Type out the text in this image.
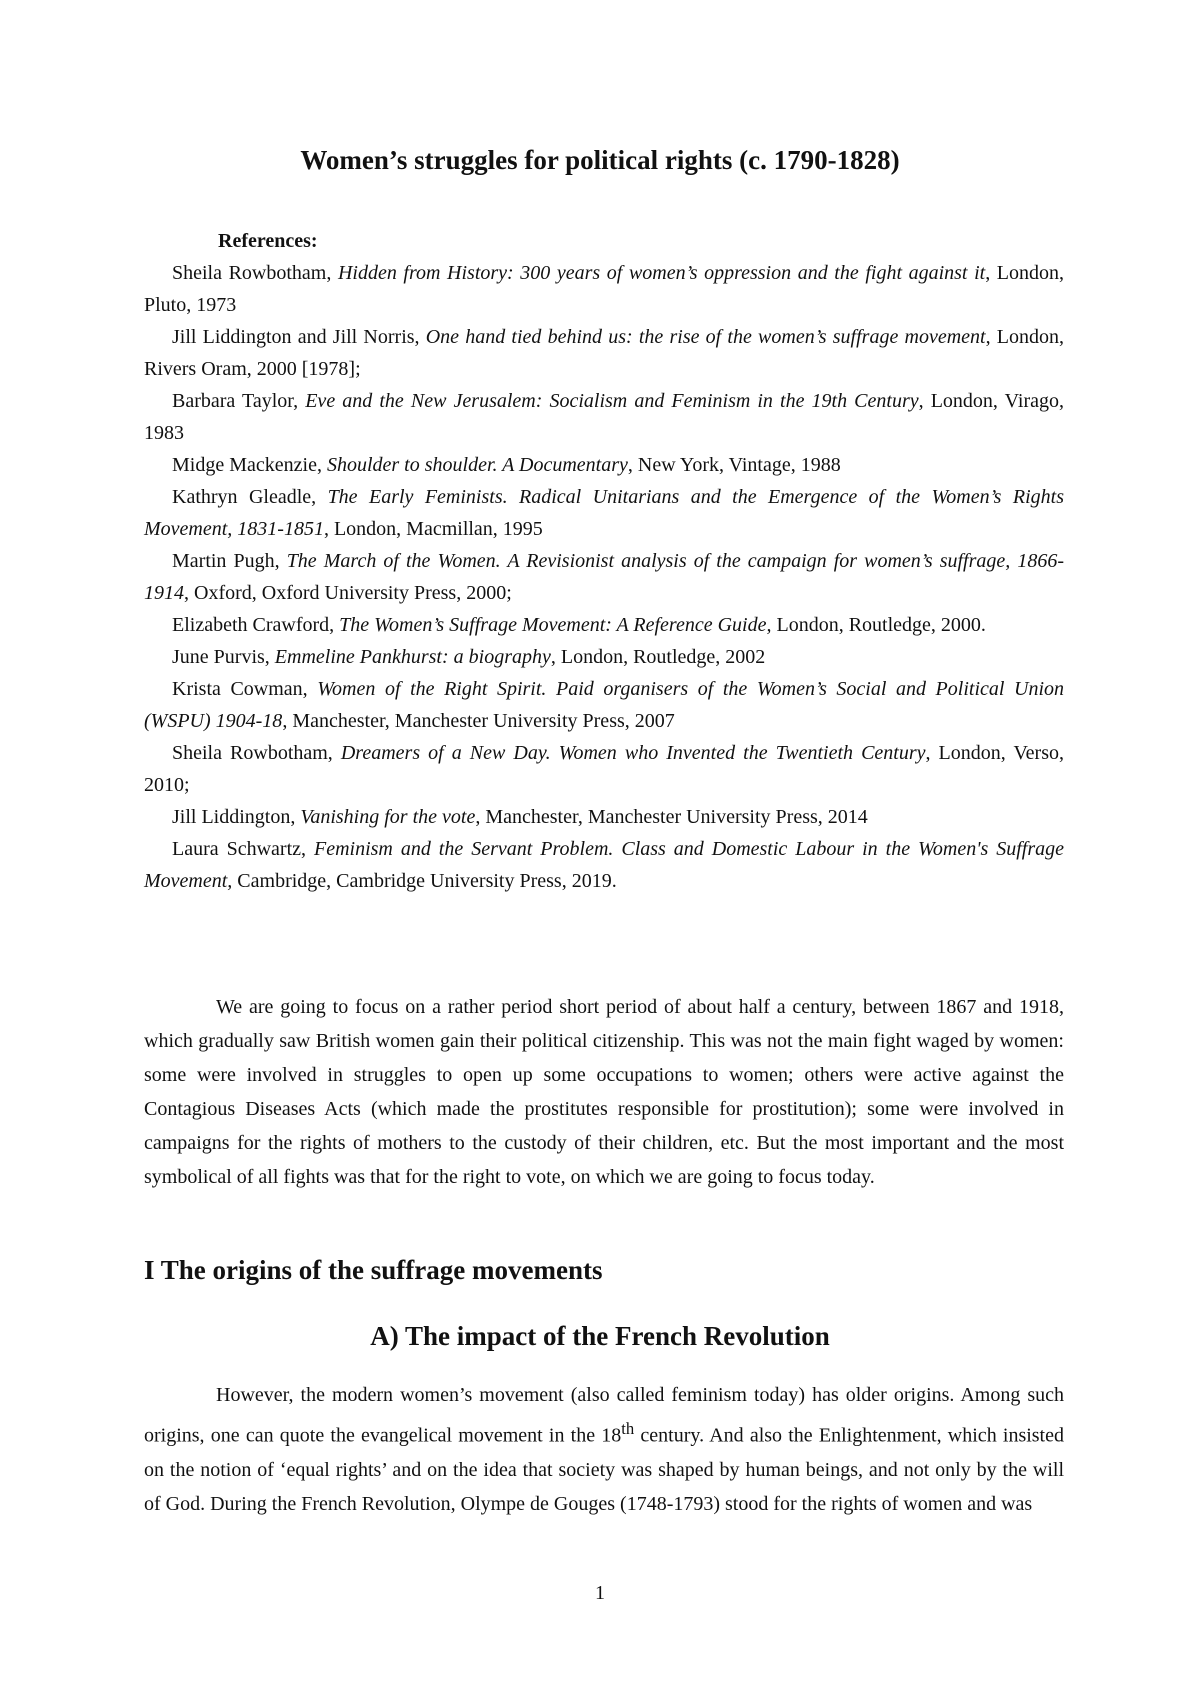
Women’s struggles for political rights (c. 1790-1828)
References:

Sheila Rowbotham, Hidden from History: 300 years of women’s oppression and the fight against it, London, Pluto, 1973

Jill Liddington and Jill Norris, One hand tied behind us: the rise of the women’s suffrage movement, London, Rivers Oram, 2000 [1978];

Barbara Taylor, Eve and the New Jerusalem: Socialism and Feminism in the 19th Century, London, Virago, 1983

Midge Mackenzie, Shoulder to shoulder. A Documentary, New York, Vintage, 1988

Kathryn Gleadle, The Early Feminists. Radical Unitarians and the Emergence of the Women’s Rights Movement, 1831-1851, London, Macmillan, 1995

Martin Pugh, The March of the Women. A Revisionist analysis of the campaign for women’s suffrage, 1866-1914, Oxford, Oxford University Press, 2000;

Elizabeth Crawford, The Women’s Suffrage Movement: A Reference Guide, London, Routledge, 2000.

June Purvis, Emmeline Pankhurst: a biography, London, Routledge, 2002

Krista Cowman, Women of the Right Spirit. Paid organisers of the Women’s Social and Political Union (WSPU) 1904-18, Manchester, Manchester University Press, 2007

Sheila Rowbotham, Dreamers of a New Day. Women who Invented the Twentieth Century, London, Verso, 2010;

Jill Liddington, Vanishing for the vote, Manchester, Manchester University Press, 2014

Laura Schwartz, Feminism and the Servant Problem. Class and Domestic Labour in the Women's Suffrage Movement, Cambridge, Cambridge University Press, 2019.

We are going to focus on a rather period short period of about half a century, between 1867 and 1918, which gradually saw British women gain their political citizenship. This was not the main fight waged by women: some were involved in struggles to open up some occupations to women; others were active against the Contagious Diseases Acts (which made the prostitutes responsible for prostitution); some were involved in campaigns for the rights of mothers to the custody of their children, etc. But the most important and the most symbolical of all fights was that for the right to vote, on which we are going to focus today.

I The origins of the suffrage movements
A) The impact of the French Revolution

However, the modern women’s movement (also called feminism today) has older origins. Among such origins, one can quote the evangelical movement in the 18th century. And also the Enlightenment, which insisted on the notion of ‘equal rights’ and on the idea that society was shaped by human beings, and not only by the will of God. During the French Revolution, Olympe de Gouges (1748-1793) stood for the rights of women and was

1
